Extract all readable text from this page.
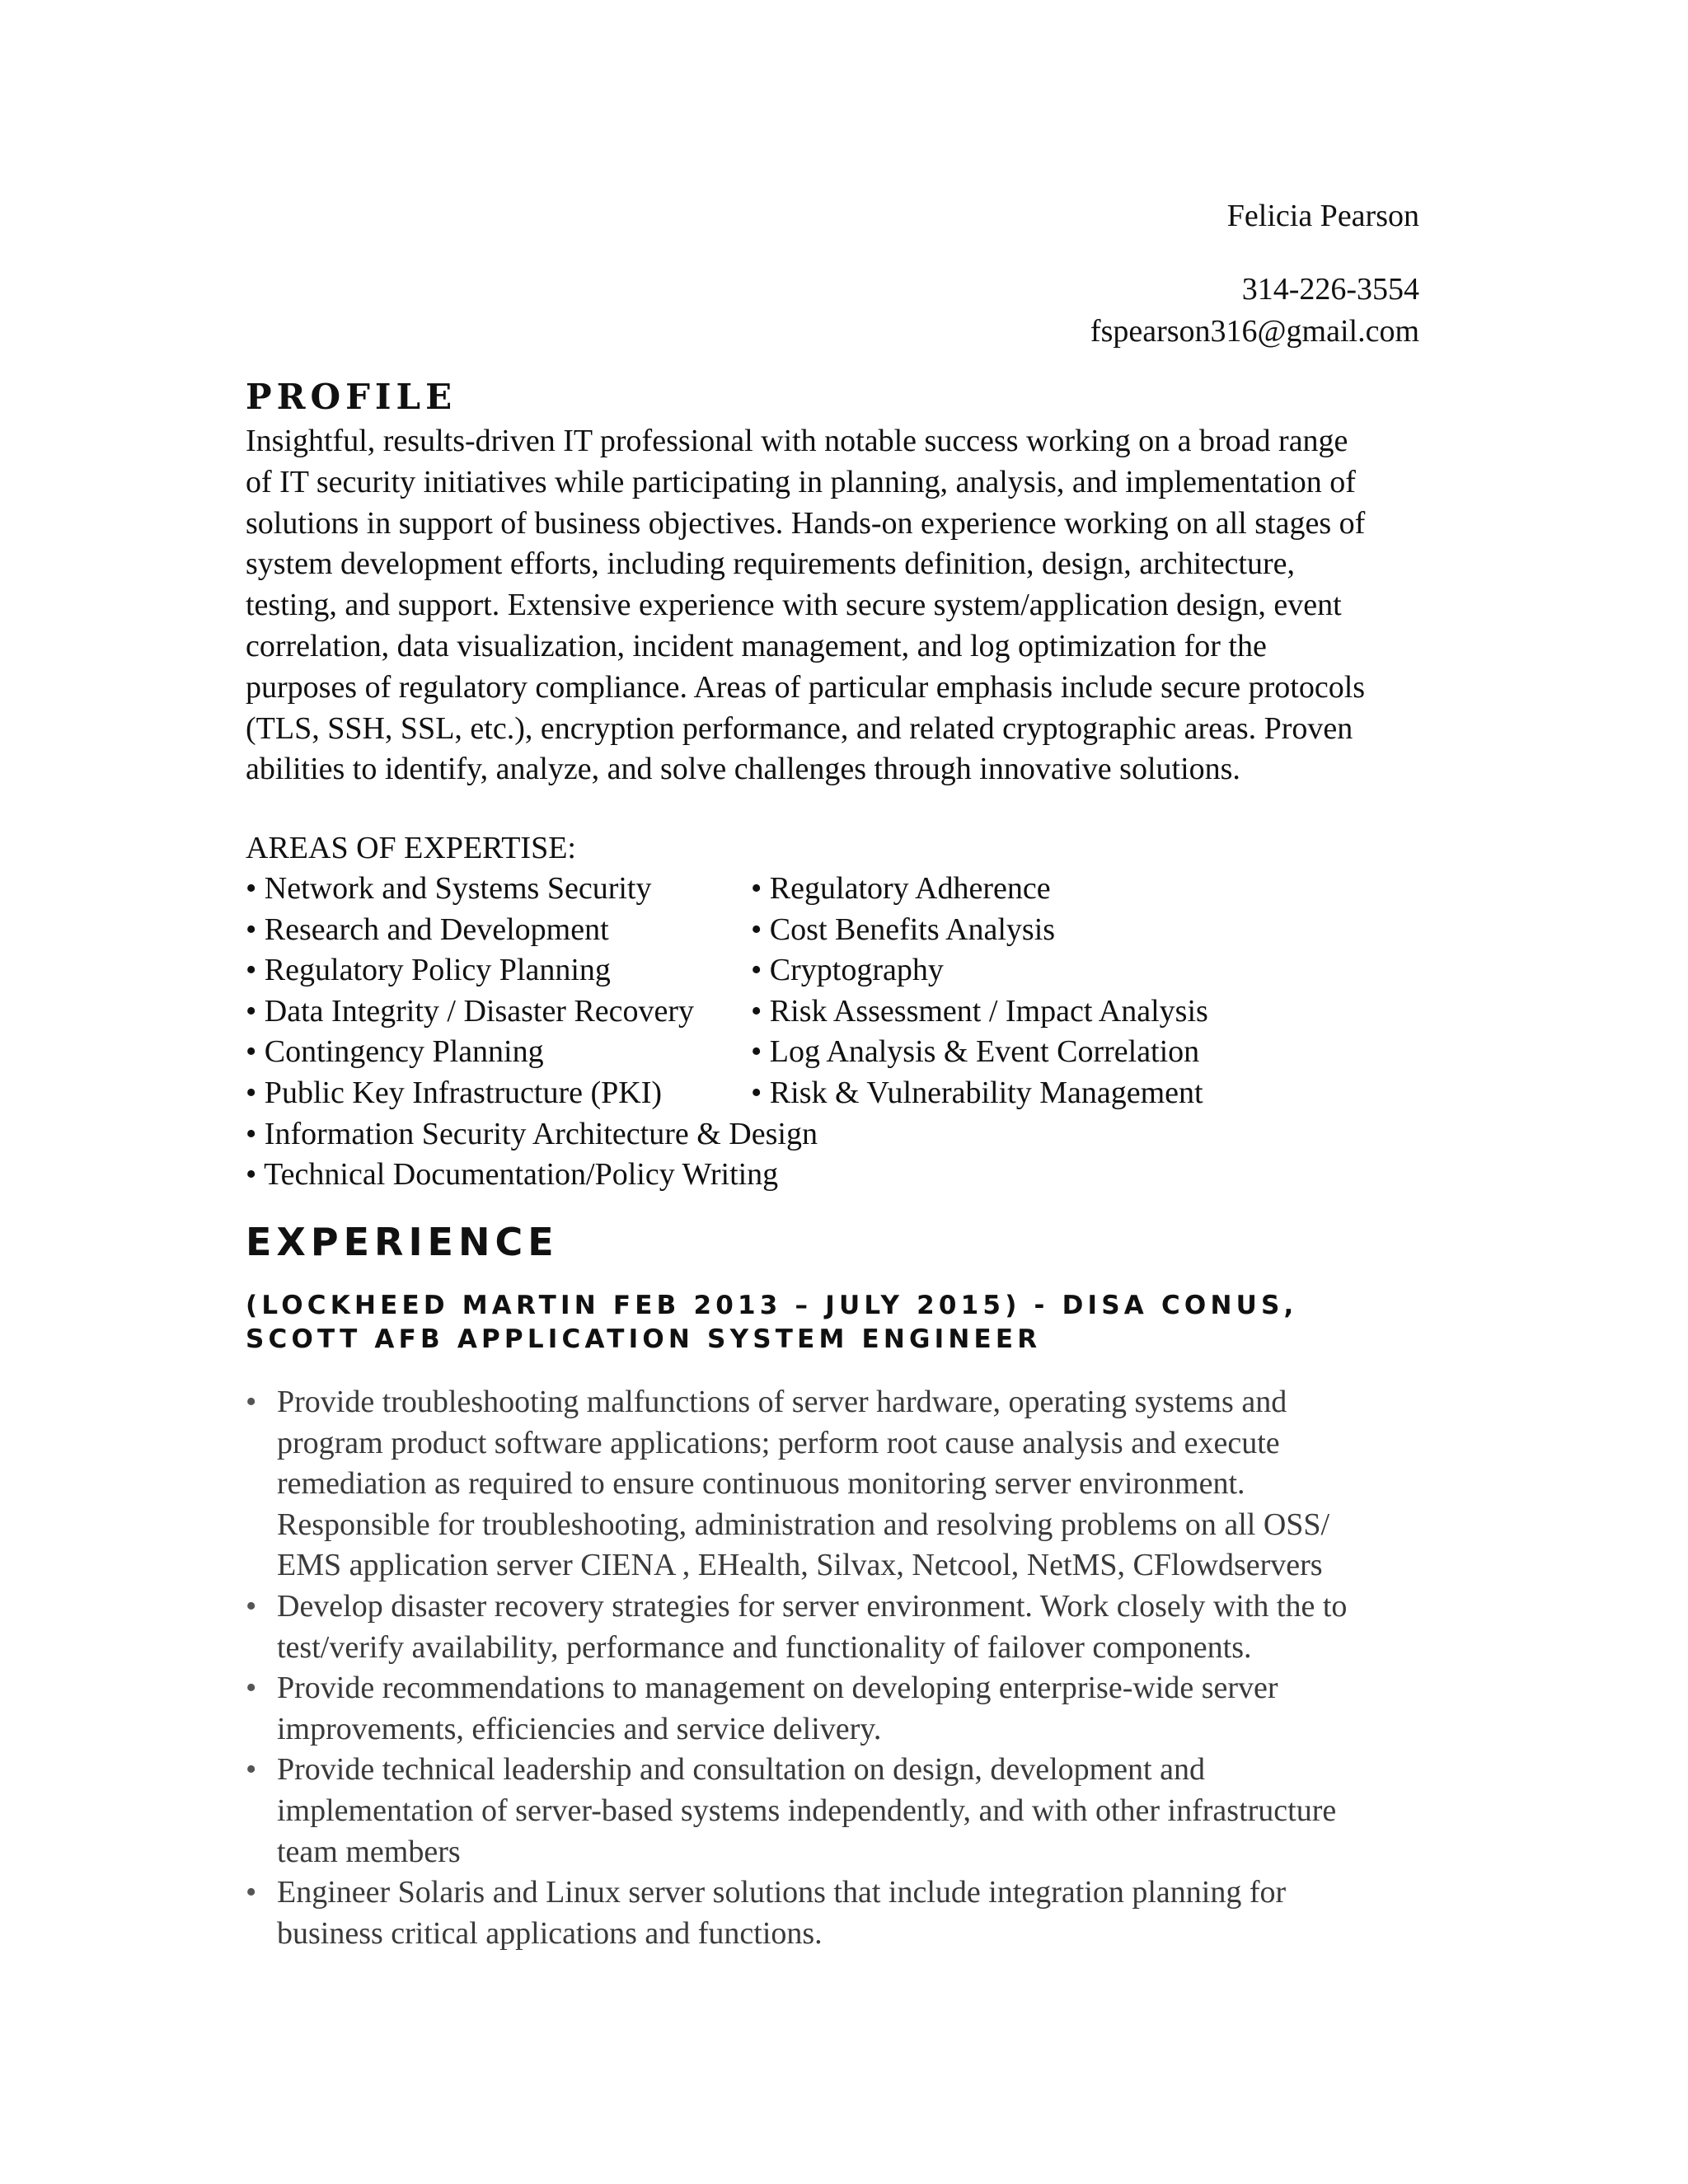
Felicia Pearson
314-226-3554
fspearson316@gmail.com
PROFILE
Insightful, results-driven IT professional with notable success working on a broad range
of IT security initiatives while participating in planning, analysis, and implementation of
solutions in support of business objectives. Hands-on experience working on all stages of
system development efforts, including requirements definition, design, architecture,
testing, and support. Extensive experience with secure system/application design, event
correlation, data visualization, incident management, and log optimization for the
purposes of regulatory compliance. Areas of particular emphasis include secure protocols
(TLS, SSH, SSL, etc.), encryption performance, and related cryptographic areas. Proven
abilities to identify, analyze, and solve challenges through innovative solutions.
AREAS OF EXPERTISE:
• Network and Systems Security	• Regulatory Adherence
• Research and Development	• Cost Benefits Analysis
• Regulatory Policy Planning	• Cryptography
• Data Integrity / Disaster Recovery • Risk Assessment / Impact Analysis
• Contingency Planning	• Log Analysis & Event Correlation
• Public Key Infrastructure (PKI)	• Risk & Vulnerability Management
• Information Security Architecture & Design
• Technical Documentation/Policy Writing
EXPERIENCE
(LOCKHEED MARTIN FEB 2013 – JULY 2015) - DISA CONUS,
SCOTT AFB APPLICATION SYSTEM ENGINEER
• Provide troubleshooting malfunctions of server hardware, operating systems and
program product software applications; perform root cause analysis and execute
remediation as required to ensure continuous monitoring server environment.
Responsible for troubleshooting, administration and resolving problems on all OSS/
EMS application server CIENA , EHealth, Silvax, Netcool, NetMS, CFlowdservers
• Develop disaster recovery strategies for server environment. Work closely with the to
test/verify availability, performance and functionality of failover components.
• Provide recommendations to management on developing enterprise-wide server
improvements, efficiencies and service delivery.
• Provide technical leadership and consultation on design, development and
implementation of server-based systems independently, and with other infrastructure
team members
• Engineer Solaris and Linux server solutions that include integration planning for
business critical applications and functions.
